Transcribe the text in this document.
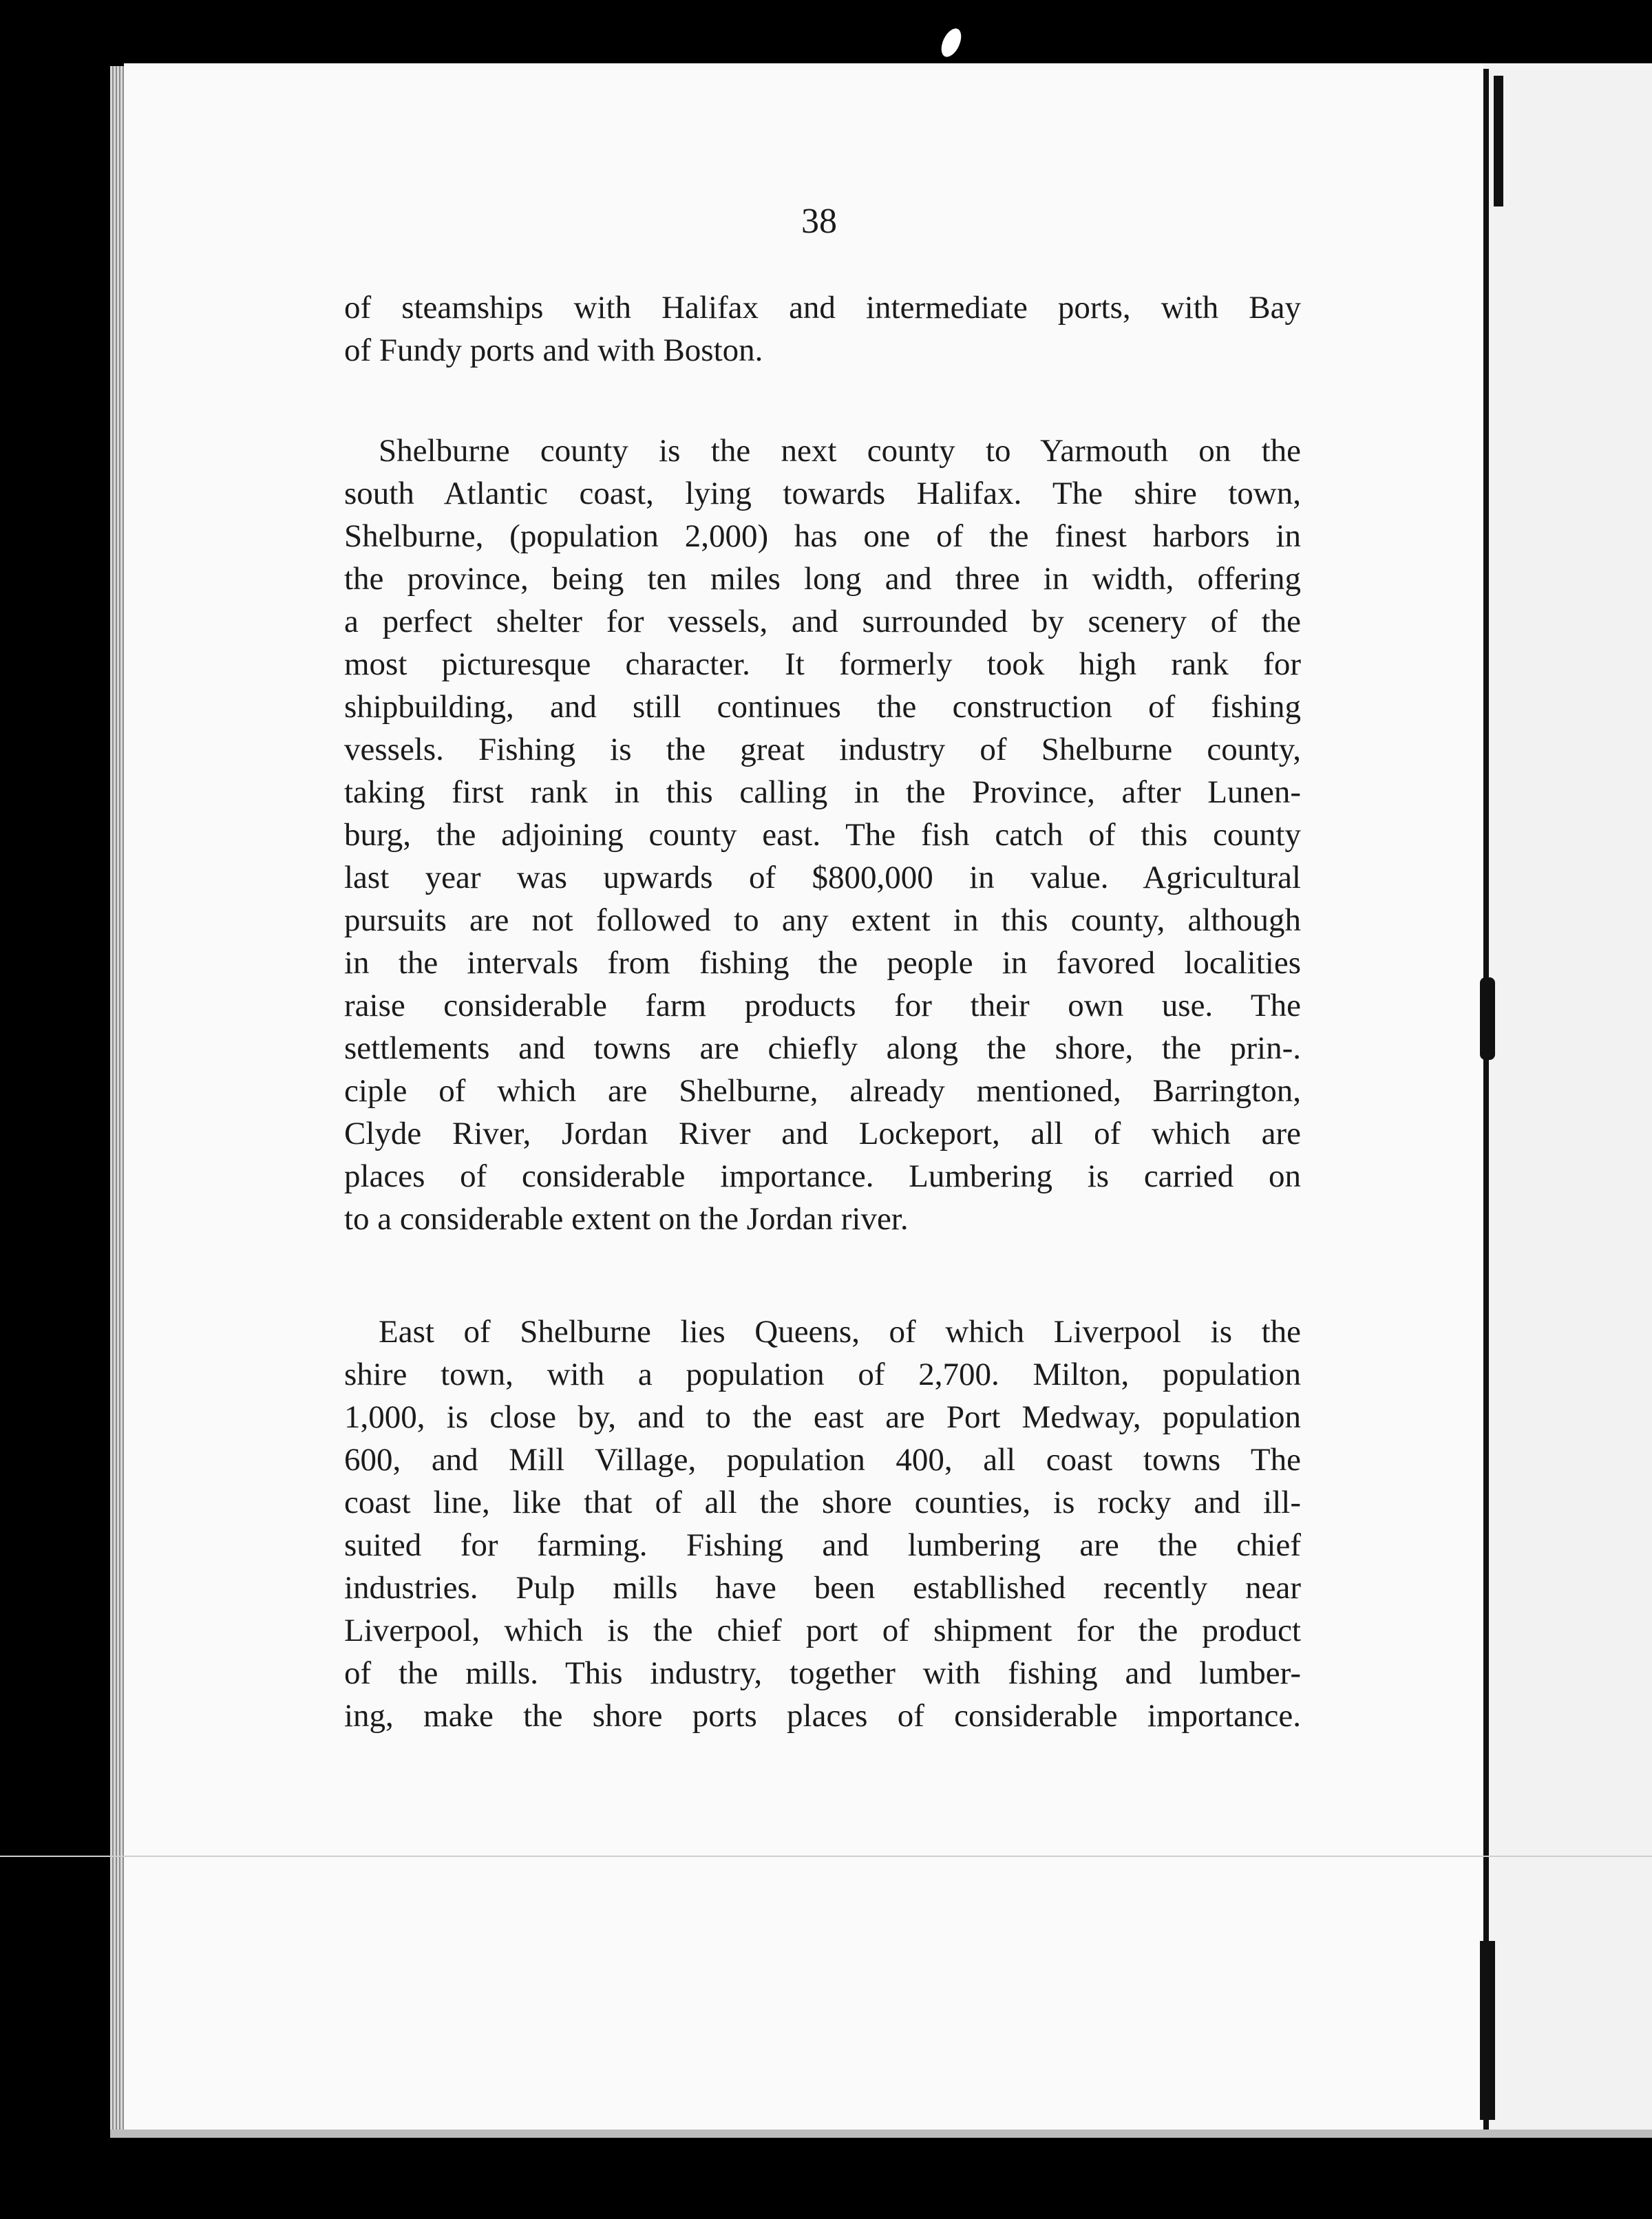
38
of steamships with Halifax and intermediate ports, with Bay
of Fundy ports and with Boston.
Shelburne county is the next county to Yarmouth on the
south Atlantic coast, lying towards Halifax. The shire town,
Shelburne, (population 2,000) has one of the finest harbors in
the province, being ten miles long and three in width, offering
a perfect shelter for vessels, and surrounded by scenery of the
most picturesque character. It formerly took high rank for
shipbuilding, and still continues the construction of fishing
vessels. Fishing is the great industry of Shelburne county,
taking first rank in this calling in the Province, after Lunen-
burg, the adjoining county east. The fish catch of this county
last year was upwards of $800,000 in value. Agricultural
pursuits are not followed to any extent in this county, although
in the intervals from fishing the people in favored localities
raise considerable farm products for their own use. The
settlements and towns are chiefly along the shore, the prin-.
ciple of which are Shelburne, already mentioned, Barrington,
Clyde River, Jordan River and Lockeport, all of which are
places of considerable importance. Lumbering is carried on
to a considerable extent on the Jordan river.
East of Shelburne lies Queens, of which Liverpool is the
shire town, with a population of 2,700. Milton, population
1,000, is close by, and to the east are Port Medway, population
600, and Mill Village, population 400, all coast towns The
coast line, like that of all the shore counties, is rocky and ill-
suited for farming. Fishing and lumbering are the chief
industries. Pulp mills have been establlished recently near
Liverpool, which is the chief port of shipment for the product
of the mills. This industry, together with fishing and lumber-
ing, make the shore ports places of considerable importance.
